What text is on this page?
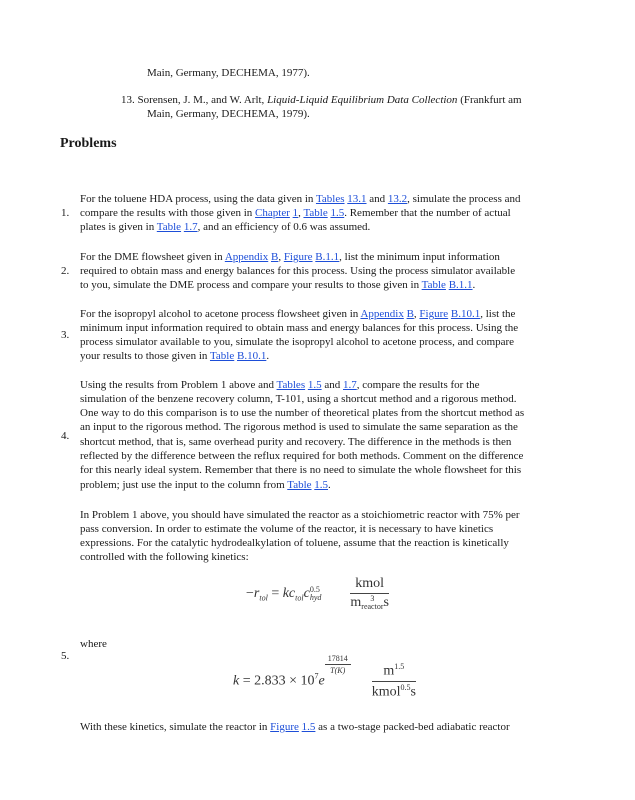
Main, Germany, DECHEMA, 1977).
13. Sorensen, J. M., and W. Arlt, Liquid-Liquid Equilibrium Data Collection (Frankfurt am
Main, Germany, DECHEMA, 1979).
Problems
1.
For the toluene HDA process, using the data given in Tables 13.1 and 13.2, simulate the process and
compare the results with those given in Chapter 1, Table 1.5. Remember that the number of actual
plates is given in Table 1.7, and an efficiency of 0.6 was assumed.
2.
For the DME flowsheet given in Appendix B, Figure B.1.1, list the minimum input information
required to obtain mass and energy balances for this process. Using the process simulator available
to you, simulate the DME process and compare your results to those given in Table B.1.1.
3.
For the isopropyl alcohol to acetone process flowsheet given in Appendix B, Figure B.10.1, list the
minimum input information required to obtain mass and energy balances for this process. Using the
process simulator available to you, simulate the isopropyl alcohol to acetone process, and compare
your results to those given in Table B.10.1.
4.
Using the results from Problem 1 above and Tables 1.5 and 1.7, compare the results for the
simulation of the benzene recovery column, T-101, using a shortcut method and a rigorous method.
One way to do this comparison is to use the number of theoretical plates from the shortcut method as
an input to the rigorous method. The rigorous method is used to simulate the same separation as the
shortcut method, that is, same overhead purity and recovery. The difference in the methods is then
reflected by the difference between the reflux required for both methods. Comment on the difference
for this nearly ideal system. Remember that there is no need to simulate the whole flowsheet for this
problem; just use the input to the column from Table 1.5.
In Problem 1 above, you should have simulated the reactor as a stoichiometric reactor with 75% per
pass conversion. In order to estimate the volume of the reactor, it is necessary to have kinetics
expressions. For the catalytic hydrodealkylation of toluene, assume that the reaction is kinetically
controlled with the following kinetics:
$-r_{tol} = kc_{tol}c$ 0.5
hyd
kmol
m	3
reactor s
5.
where
$k = 2.833 \times 10^7e$
$\frac{17814}{T(K)}$
$\frac{m^{1.5}}{kmol^{0.5}s}$
With these kinetics, simulate the reactor in Figure 1.5 as a two-stage packed-bed adiabatic reactor
